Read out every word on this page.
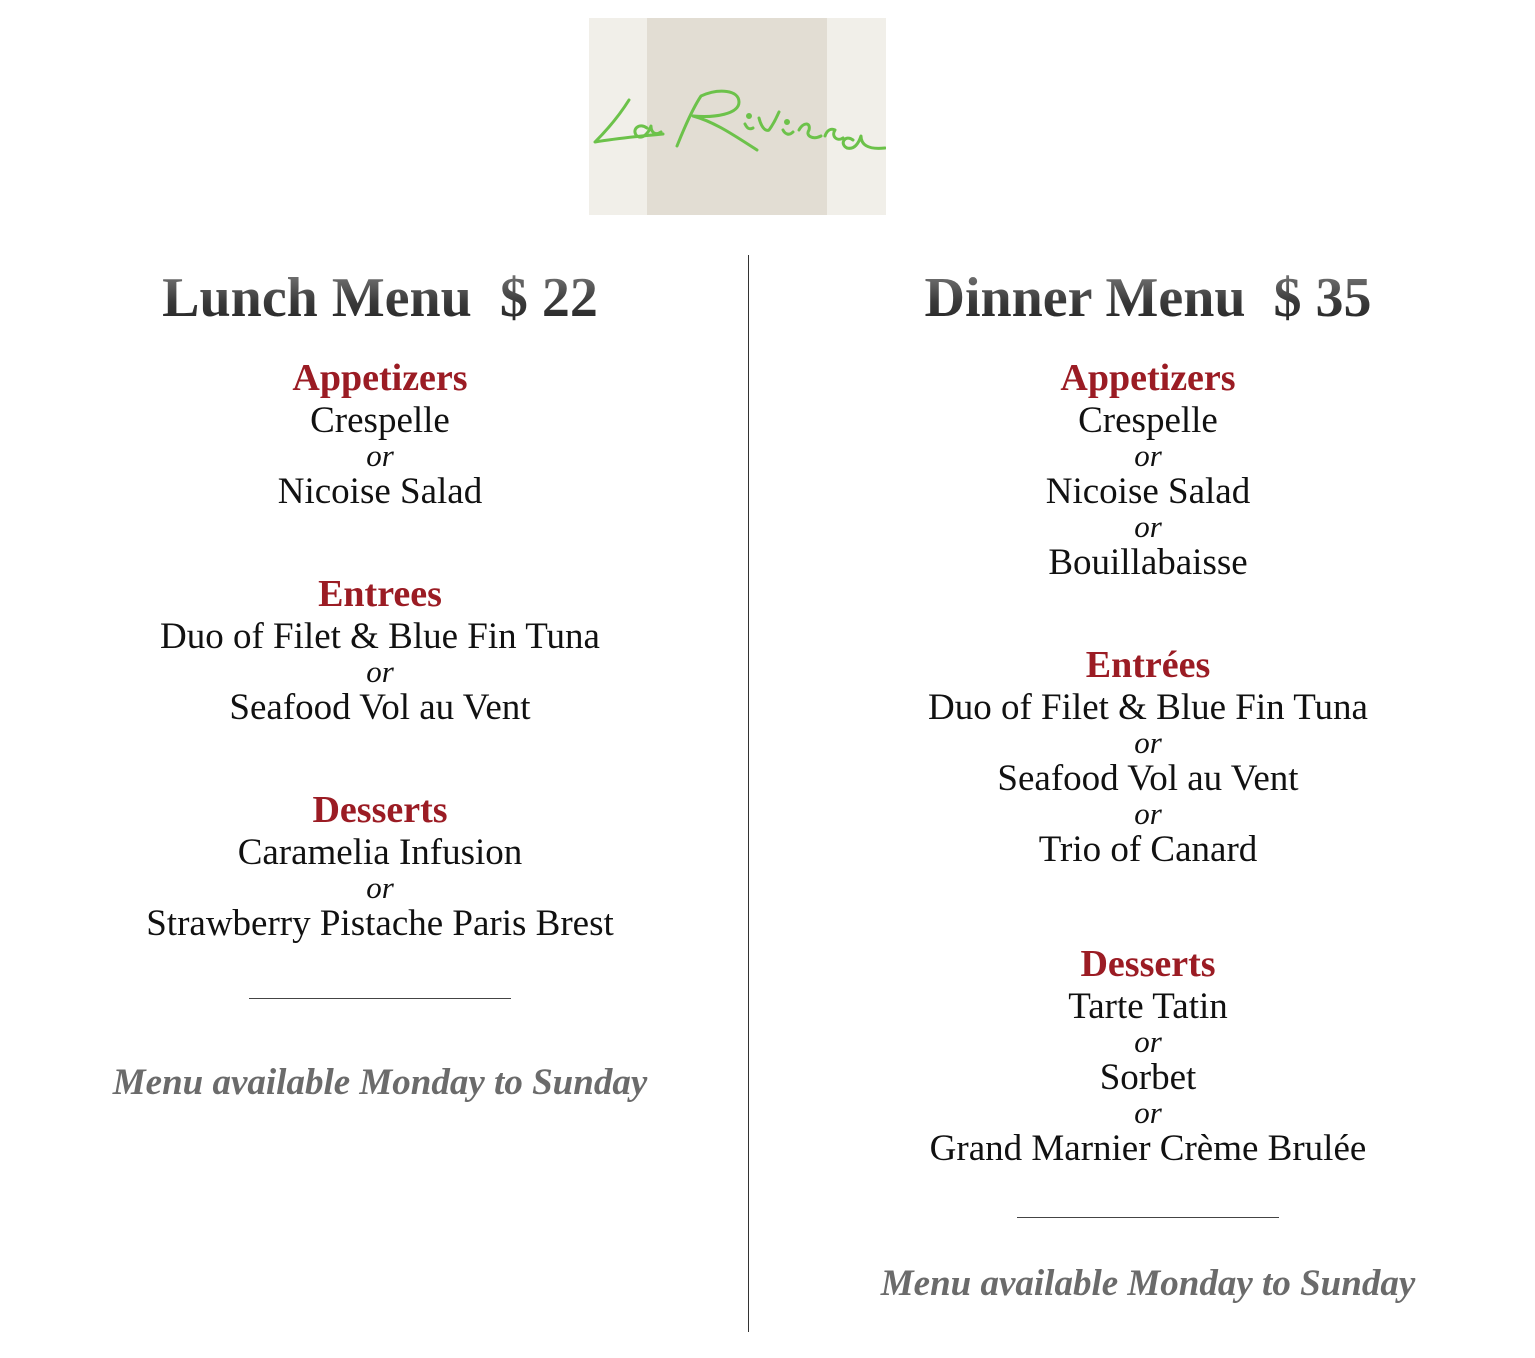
Lunch Menu  $ 22
Appetizers
Crespelle
or
Nicoise Salad
Entrees
Duo of Filet & Blue Fin Tuna
or
Seafood Vol au Vent
Desserts
Caramelia Infusion
or
Strawberry Pistache Paris Brest
Menu available Monday to Sunday
Dinner Menu  $ 35
Appetizers
Crespelle
or
Nicoise Salad
or
Bouillabaisse
Entrées
Duo of Filet & Blue Fin Tuna
or
Seafood Vol au Vent
or
Trio of Canard
Desserts
Tarte Tatin
or
Sorbet
or
Grand Marnier Crème Brulée
Menu available Monday to Sunday
